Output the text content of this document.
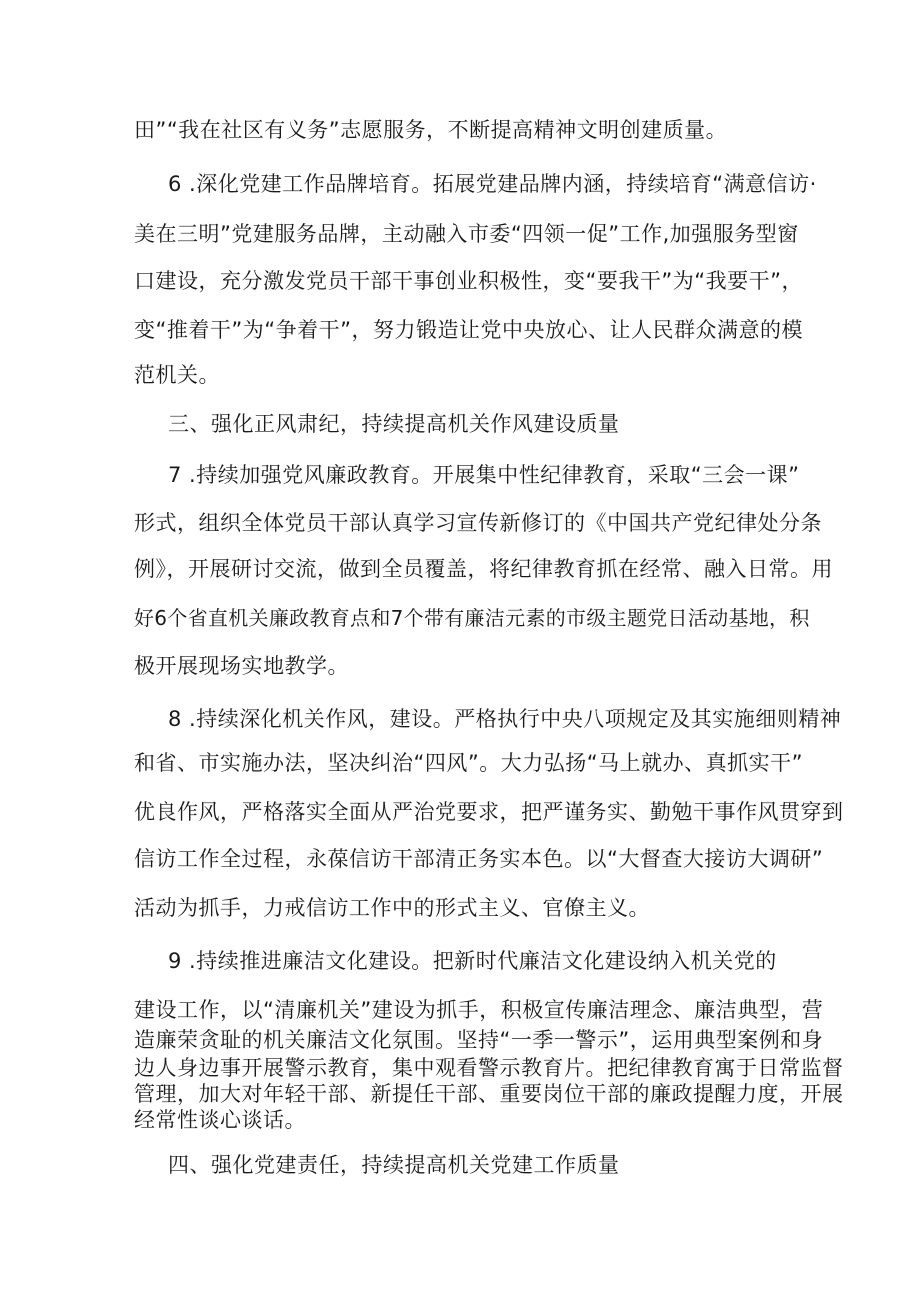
田”“我在社区有义务”志愿服务，不断提高精神文明创建质量。
6 .深化党建工作品牌培育。拓展党建品牌内涵，持续培育“满意信访·
美在三明”党建服务品牌，主动融入市委“四领一促”工作,加强服务型窗
口建设，充分激发党员干部干事创业积极性，变“要我干”为“我要干”，
变“推着干”为“争着干”，努力锻造让党中央放心、让人民群众满意的模
范机关。
三、强化正风肃纪，持续提高机关作风建设质量
7 .持续加强党风廉政教育。开展集中性纪律教育，采取“三会一课”
形式，组织全体党员干部认真学习宣传新修订的《中国共产党纪律处分条
例》，开展研讨交流，做到全员覆盖，将纪律教育抓在经常、融入日常。用
好6个省直机关廉政教育点和7个带有廉洁元素的市级主题党日活动基地，积
极开展现场实地教学。
8 .持续深化机关作风，建设。严格执行中央八项规定及其实施细则精神
和省、市实施办法，坚决纠治“四风”。大力弘扬“马上就办、真抓实干”
优良作风，严格落实全面从严治党要求，把严谨务实、勤勉干事作风贯穿到
信访工作全过程，永葆信访干部清正务实本色。以“大督查大接访大调研”
活动为抓手，力戒信访工作中的形式主义、官僚主义。
9 .持续推进廉洁文化建设。把新时代廉洁文化建设纳入机关党的
建设工作，以“清廉机关”建设为抓手，积极宣传廉洁理念、廉洁典型，营
造廉荣贪耻的机关廉洁文化氛围。坚持“一季一警示”，运用典型案例和身
边人身边事开展警示教育，集中观看警示教育片。把纪律教育寓于日常监督
管理，加大对年轻干部、新提任干部、重要岗位干部的廉政提醒力度，开展
经常性谈心谈话。
四、强化党建责任，持续提高机关党建工作质量
